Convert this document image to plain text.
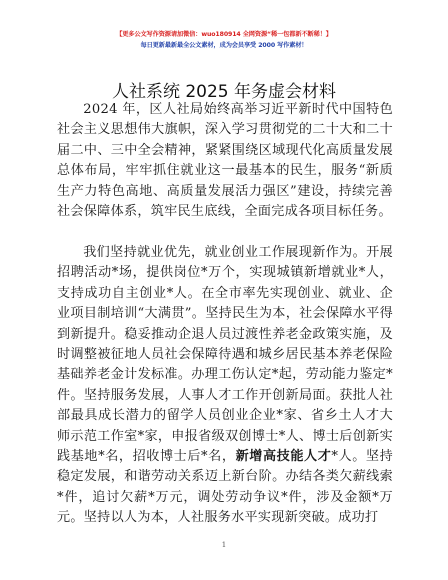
【更多公文写作资源请加微信：wuo180914 全网资源“稀一包都新不断稀！】
每日更新最新最全公文素材，成为会员享受 2000 写作素材！
人社系统 2025 年务虚会材料
2024 年，区人社局始终高举习近平新时代中国特色社会主义思想伟大旗帜，深入学习贯彻党的二十大和二十届二中、三中全会精神，紧紧围绕区域现代化高质量发展总体布局，牢牢抓住就业这一最基本的民生，服务“新质生产力特色高地、高质量发展活力强区”建设，持续完善社会保障体系，筑牢民生底线，全面完成各项目标任务。
我们坚持就业优先，就业创业工作展现新作为。开展招聘活动*场，提供岗位*万个，实现城镇新增就业*人，支持成功自主创业*人。在全市率先实现创业、就业、企业项目制培训“大满贯”。坚持民生为本，社会保障水平得到新提升。稳妥推动企退人员过渡性养老金政策实施，及时调整被征地人员社会保障待遇和城乡居民基本养老保险基础养老金计发标准。办理工伤认定*起，劳动能力鉴定*件。坚持服务发展，人事人才工作开创新局面。获批人社部最具成长潜力的留学人员创业企业*家、省乡土人才大师示范工作室*家，申报省级双创博士*人、博士后创新实践基地*名，招收博士后*名，新增高技能人才*人。坚持稳定发展，和谐劳动关系迈上新台阶。办结各类欠薪线索*件，追讨欠薪*万元，调处劳动争议*件，涉及金额*万元。坚持以人为本，人社服务水平实现新突破。成功打
1
